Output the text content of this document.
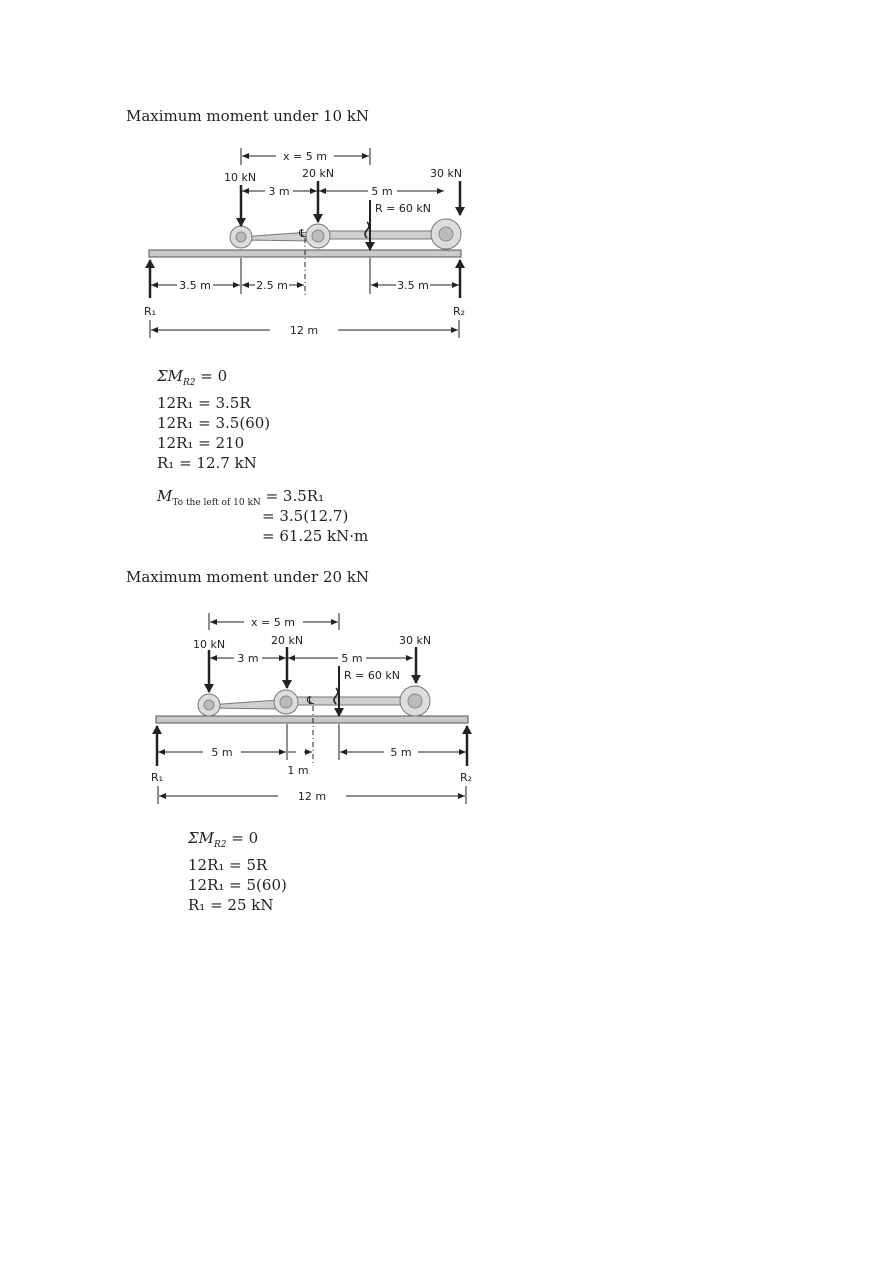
Maximum moment under 10 kN
℄
x = 5 m
10 kN	20 kN	30 kN
3 m	5 m
R = 60 kN
3.5 m	2.5 m	3.5 m
R₁	R₂
12 m
℄
x = 5 m
10 kN	20 kN	30 kN
3 m	5 m
R = 60 kN
5 m
1 m
5 m
R₁	R₂
12 m
$\Sigma M_{R2} = 0$
12R₁ = 3.5R
12R₁ = 3.5(60)
12R₁ = 210
R₁ = 12.7 kN
$M_{To the left of 10 kN} = 3.5R_1$
= 3.5(12.7)
= 61.25 kN·m
Maximum moment under 20 kN
$\Sigma M_{R2} = 0$
12R₁ = 5R
12R₁ = 5(60)
R₁ = 25 kN
